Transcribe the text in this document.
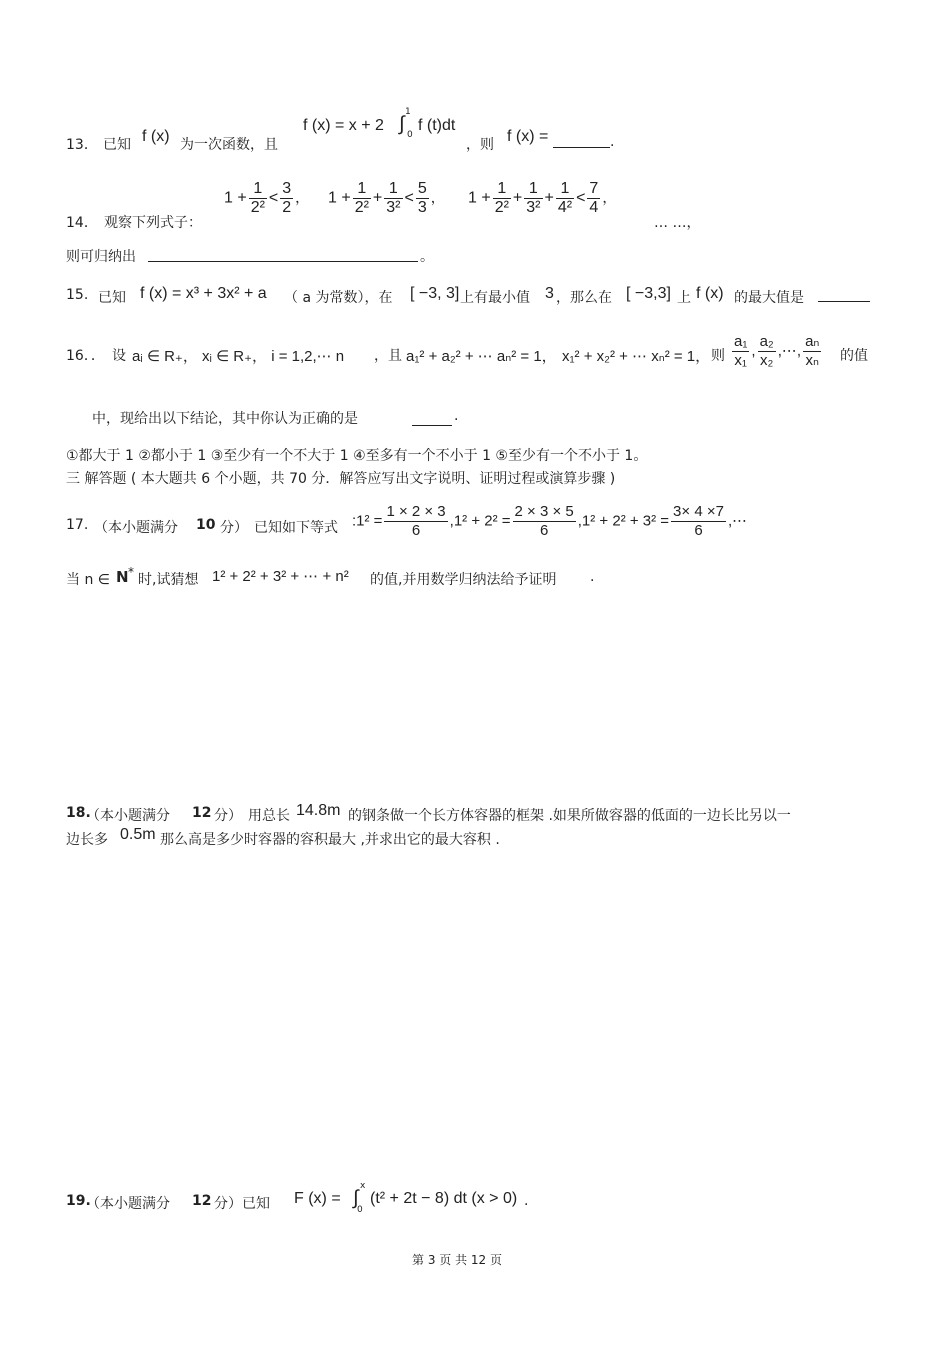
13． 已知 f (x) 为一次函数，且
f (x) = x + 2 ∫
1
0
f (t)dt
，则 f (x) =	.
14． 观察下列式子：
$1 + \frac{1}{\text{2²}} < \frac{3}{2}$ ， $1 + \frac{1}{\text{2²}} + \frac{1}{\text{3²}} < \frac{5}{3}$ ， $1 + \frac{1}{\text{2²}} + \frac{1}{\text{3²}} + \frac{1}{\text{4²}} < \frac{7}{4}$ ，
… …，
则可归纳出	。
15. 已知 f (x) = x³ + 3x² + a （ a 为常数），在 [ −3, 3] 上有最小值 3 ，那么在 [ −3,3] 上 f (x) 的最大值是
16．． 设 aᵢ ∈ R₊， xᵢ ∈ R₊， i = 1,2,⋯ n ，且 a₁² + a₂² + ⋯ aₙ² = 1， x₁² + x₂² + ⋯ xₙ² = 1， 则 $\frac{\text{a₁}}{\text{x₁}}$ , $\frac{\text{a₂}}{\text{x₂}}$ ,⋯, $\frac{\text{aₙ}}{\text{xₙ}}$ 的值
中，现给出以下结论，其中你认为正确的是	.
①都大于 1 ②都小于 1 ③至少有一个不大于 1 ④至多有一个不小于 1 ⑤至少有一个不小于 1。
三 解答题 ( 本大题共 6 个小题，共 70 分．解答应写出文字说明、证明过程或演算步骤 )
17. （本小题满分 10 分） 已知如下等式 :1² = $\frac{1 \times 2 \times 3}{6} ,1^2 + 2^2 = \frac{2 \times 3 \times 5}{6} ,1^2 + 2^2 + 3^2 = \frac{3\times 4 \times 7}{6}$ ,⋯
当 n ∈ N * 时,试猜想 1² + 2² + 3² + ⋯ + n² 的值,并用数学归纳法给予证明 .
18.
（本小题满分 12 分） 用总长 14.8m 的钢条做一个长方体容器的框架 .如果所做容器的低面的一边长比另以一
边长多 0.5m 那么高是多少时容器的容积最大 ,并求出它的最大容积 .
19.
（本小题满分 12 分）已知 F (x) = ∫
x
0
(t² + 2t − 8) dt (x > 0) .
第 3 页 共 12 页
